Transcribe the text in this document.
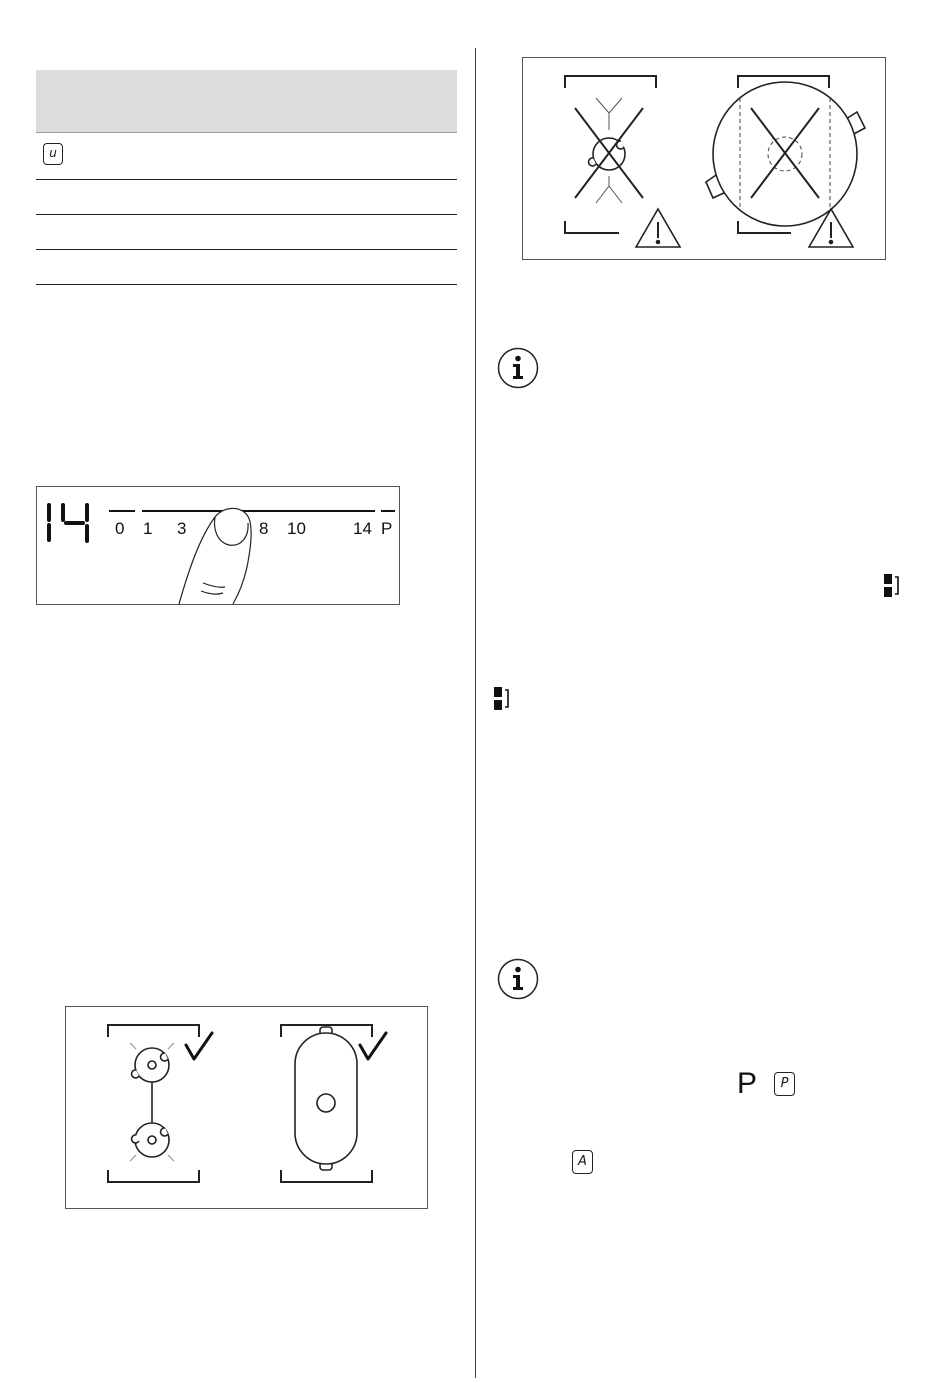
u
0 1 3	8 10	14 P
P	P
A
